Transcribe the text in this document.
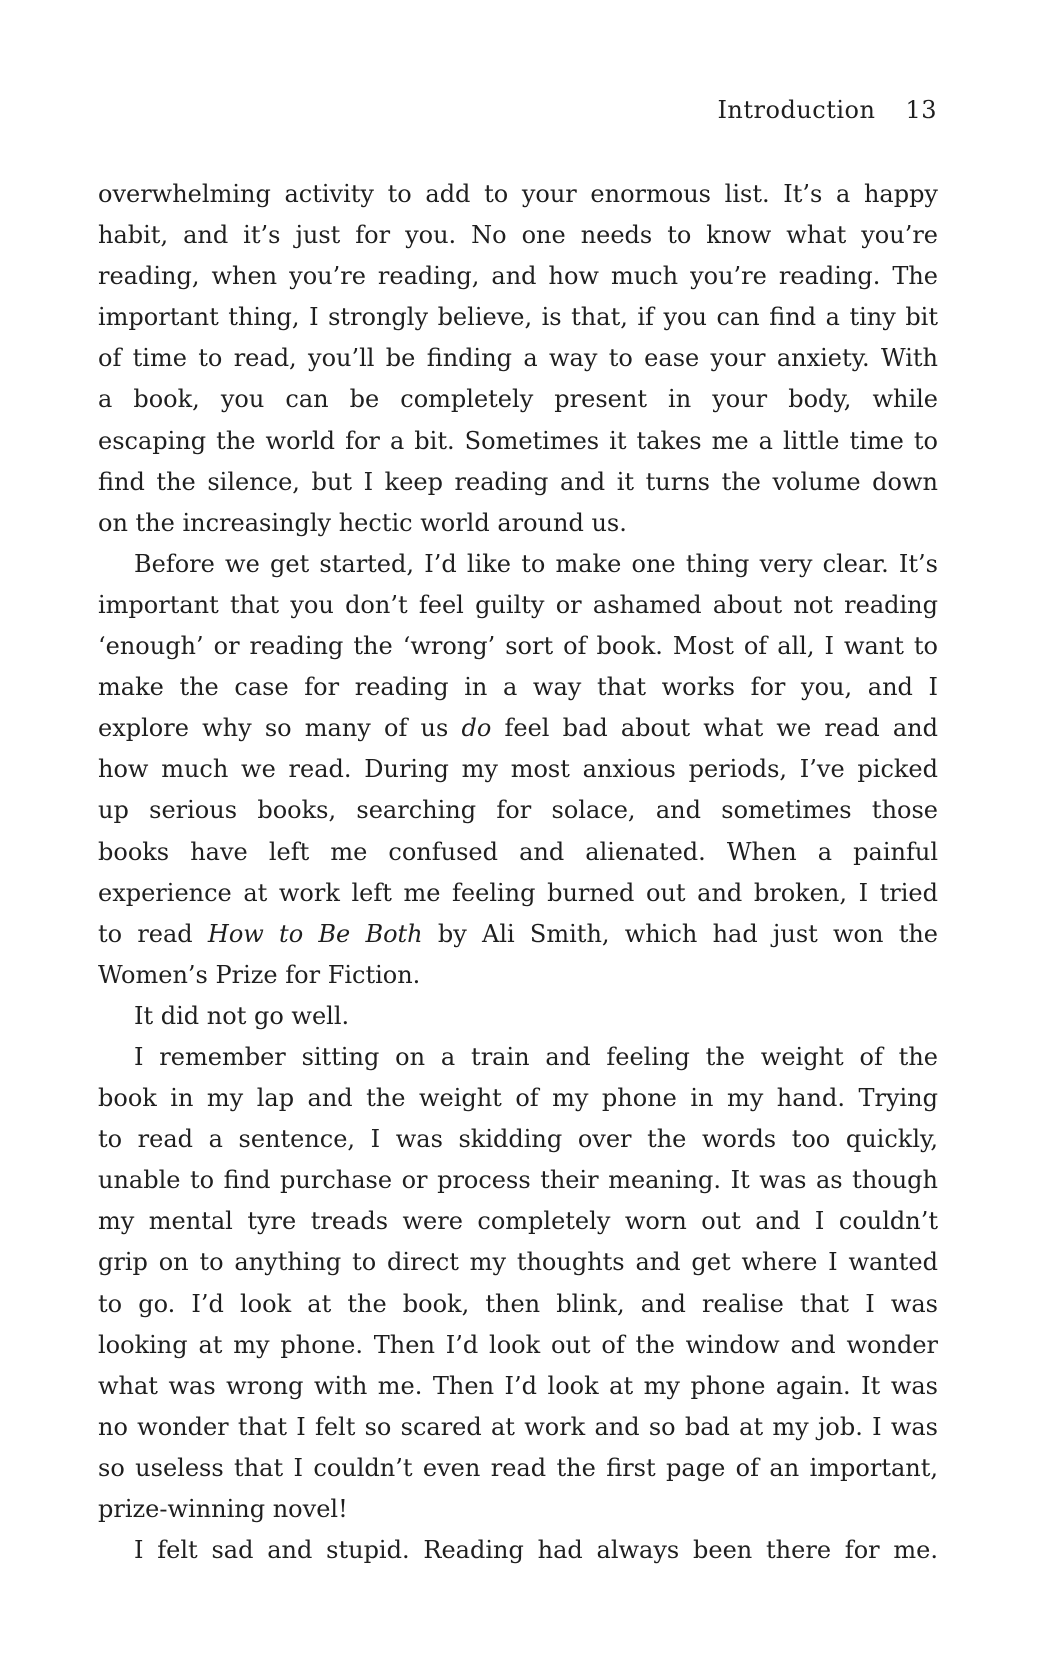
Introduction 13
overwhelming activity to add to your enormous list. It’s a happy
habit, and it’s just for you. No one needs to know what you’re
reading, when you’re reading, and how much you’re reading. The
important thing, I strongly believe, is that, if you can find a tiny bit
of time to read, you’ll be finding a way to ease your anxiety. With
a book, you can be completely present in your body, while
escaping the world for a bit. Sometimes it takes me a little time to
find the silence, but I keep reading and it turns the volume down
on the increasingly hectic world around us.
Before we get started, I’d like to make one thing very clear. It’s
important that you don’t feel guilty or ashamed about not reading
‘enough’ or reading the ‘wrong’ sort of book. Most of all, I want to
make the case for reading in a way that works for you, and I
explore why so many of us do feel bad about what we read and
how much we read. During my most anxious periods, I’ve picked
up serious books, searching for solace, and sometimes those
books have left me confused and alienated. When a painful
experience at work left me feeling burned out and broken, I tried
to read How to Be Both by Ali Smith, which had just won the
Women’s Prize for Fiction.
It did not go well.
I remember sitting on a train and feeling the weight of the
book in my lap and the weight of my phone in my hand. Trying
to read a sentence, I was skidding over the words too quickly,
unable to find purchase or process their meaning. It was as though
my mental tyre treads were completely worn out and I couldn’t
grip on to anything to direct my thoughts and get where I wanted
to go. I’d look at the book, then blink, and realise that I was
looking at my phone. Then I’d look out of the window and wonder
what was wrong with me. Then I’d look at my phone again. It was
no wonder that I felt so scared at work and so bad at my job. I was
so useless that I couldn’t even read the first page of an important,
prize-winning novel!
I felt sad and stupid. Reading had always been there for me.
